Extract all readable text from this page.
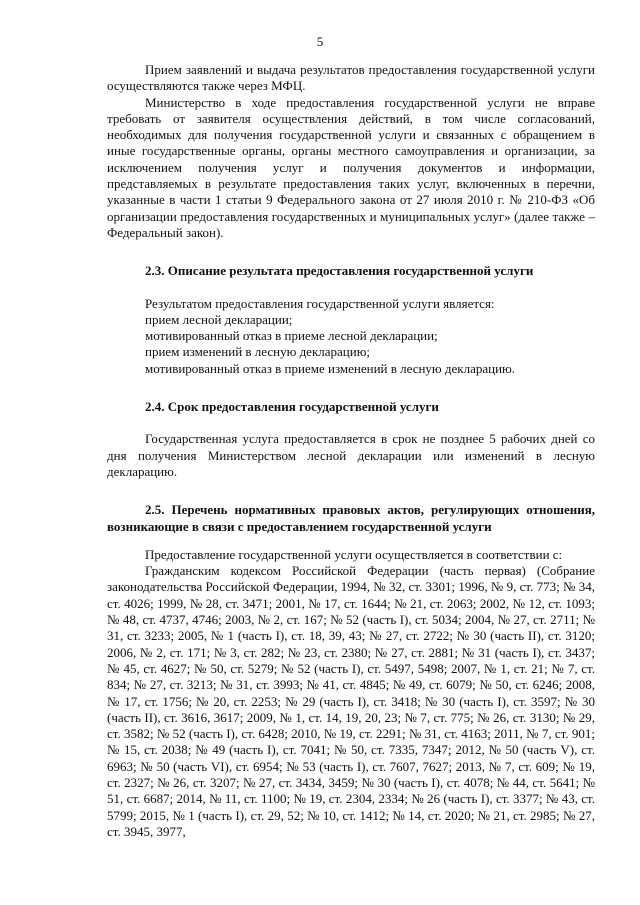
5

Прием заявлений и выдача результатов предоставления государственной услуги осуществляются также через МФЦ.

Министерство в ходе предоставления государственной услуги не вправе требовать от заявителя осуществления действий, в том числе согласований, необходимых для получения государственной услуги и связанных с обращением в иные государственные органы, органы местного самоуправления и организации, за исключением получения услуг и получения документов и информации, представляемых в результате предоставления таких услуг, включенных в перечни, указанные в части 1 статьи 9 Федерального закона от 27 июля 2010 г. № 210-ФЗ «Об организации предоставления государственных и муниципальных услуг» (далее также – Федеральный закон).

2.3. Описание результата предоставления государственной услуги

Результатом предоставления государственной услуги является:

прием лесной декларации;

мотивированный отказ в приеме лесной декларации;

прием изменений в лесную декларацию;

мотивированный отказ в приеме изменений в лесную декларацию.

2.4. Срок предоставления государственной услуги

Государственная услуга предоставляется в срок не позднее 5 рабочих дней со дня получения Министерством лесной декларации или изменений в лесную декларацию.

2.5. Перечень нормативных правовых актов, регулирующих отношения, возникающие в связи с предоставлением государственной услуги

Предоставление государственной услуги осуществляется в соответствии с:

Гражданским кодексом Российской Федерации (часть первая) (Собрание законодательства Российской Федерации, 1994, № 32, ст. 3301; 1996, № 9, ст. 773; № 34, ст. 4026; 1999, № 28, ст. 3471; 2001, № 17, ст. 1644; № 21, ст. 2063; 2002, № 12, ст. 1093; № 48, ст. 4737, 4746; 2003, № 2, ст. 167; № 52 (часть I), ст. 5034; 2004, № 27, ст. 2711; № 31, ст. 3233; 2005, № 1 (часть I), ст. 18, 39, 43; № 27, ст. 2722; № 30 (часть II), ст. 3120; 2006, № 2, ст. 171; № 3, ст. 282; № 23, ст. 2380; № 27, ст. 2881; № 31 (часть I), ст. 3437; № 45, ст. 4627; № 50, ст. 5279; № 52 (часть I), ст. 5497, 5498; 2007, № 1, ст. 21; № 7, ст. 834; № 27, ст. 3213; № 31, ст. 3993; № 41, ст. 4845; № 49, ст. 6079; № 50, ст. 6246; 2008, № 17, ст. 1756; № 20, ст. 2253; № 29 (часть I), ст. 3418; № 30 (часть I), ст. 3597; № 30 (часть II), ст. 3616, 3617; 2009, № 1, ст. 14, 19, 20, 23; № 7, ст. 775; № 26, ст. 3130; № 29, ст. 3582; № 52 (часть I), ст. 6428; 2010, № 19, ст. 2291; № 31, ст. 4163; 2011, № 7, ст. 901; № 15, ст. 2038; № 49 (часть I), ст. 7041; № 50, ст. 7335, 7347; 2012, № 50 (часть V), ст. 6963; № 50 (часть VI), ст. 6954; № 53 (часть I), ст. 7607, 7627; 2013, № 7, ст. 609; № 19, ст. 2327; № 26, ст. 3207; № 27, ст. 3434, 3459; № 30 (часть I), ст. 4078; № 44, ст. 5641; № 51, ст. 6687; 2014, № 11, ст. 1100; № 19, ст. 2304, 2334; № 26 (часть I), ст. 3377; № 43, ст. 5799; 2015, № 1 (часть I), ст. 29, 52; № 10, ст. 1412; № 14, ст. 2020; № 21, ст. 2985; № 27, ст. 3945, 3977,
